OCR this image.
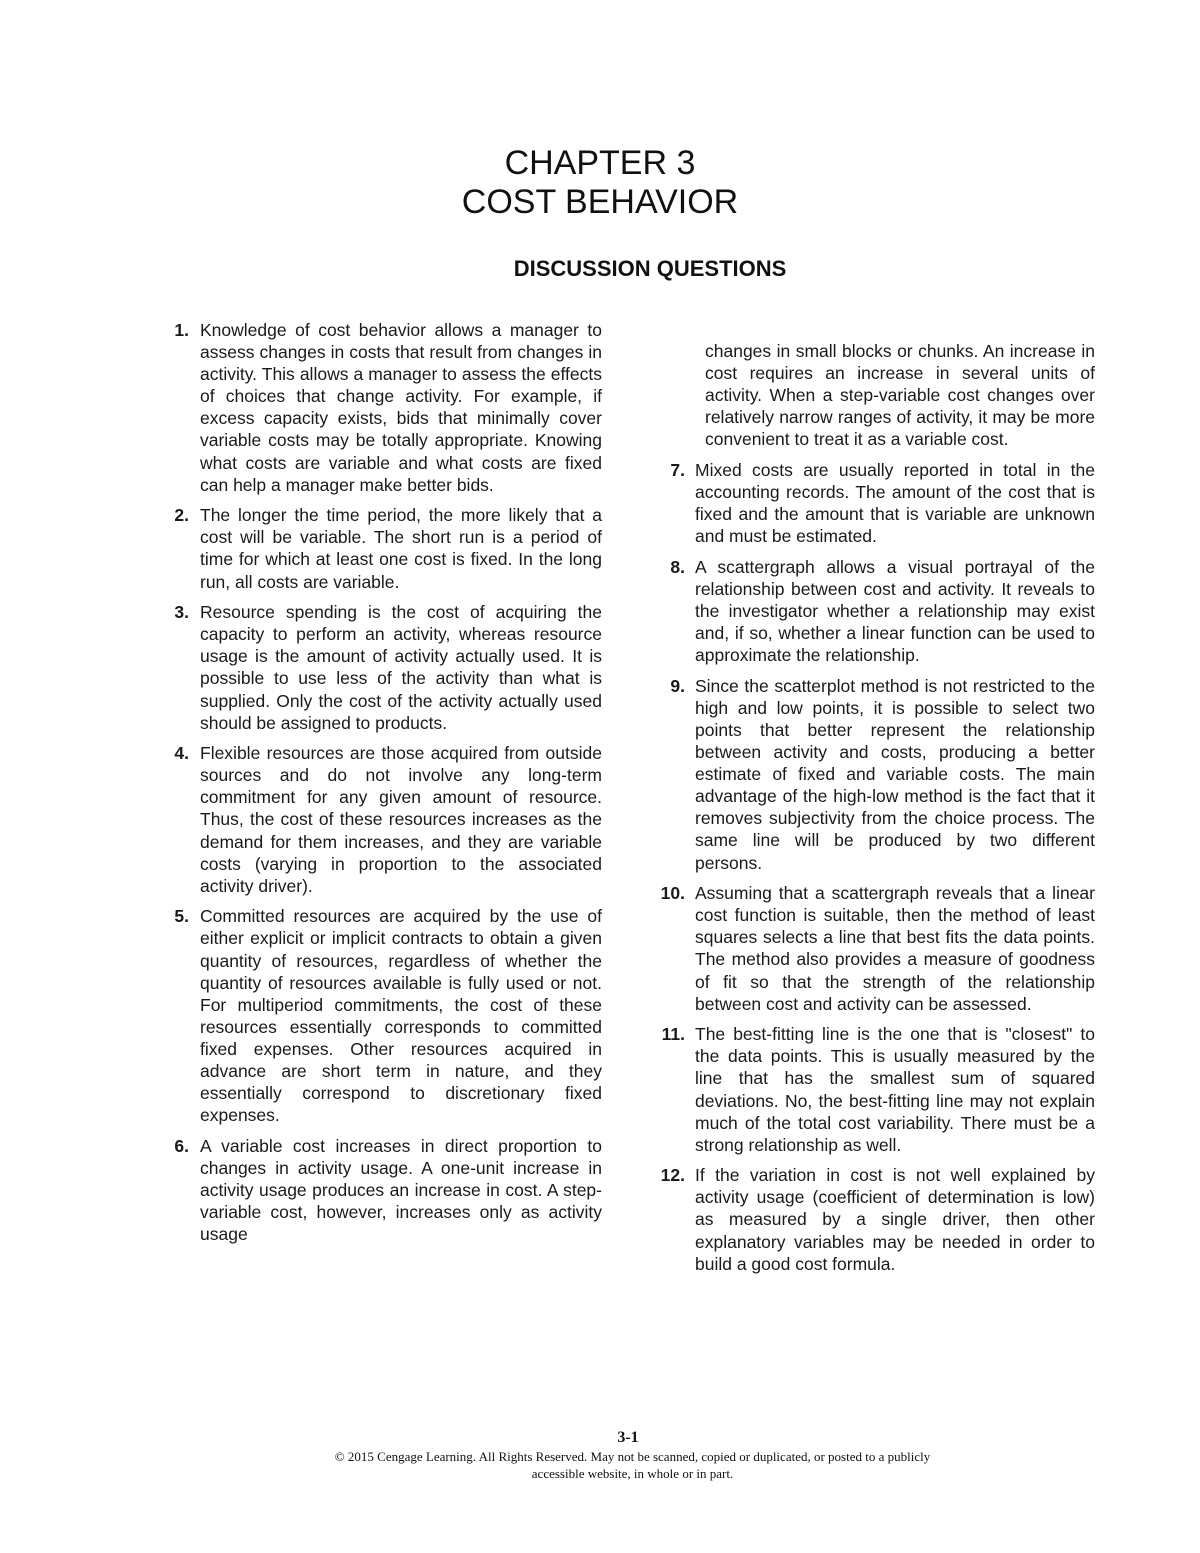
CHAPTER 3
COST BEHAVIOR
DISCUSSION QUESTIONS
1. Knowledge of cost behavior allows a manager to assess changes in costs that result from changes in activity. This allows a manager to assess the effects of choices that change activity. For example, if excess capacity exists, bids that minimally cover variable costs may be totally appropriate. Knowing what costs are variable and what costs are fixed can help a manager make better bids.
2. The longer the time period, the more likely that a cost will be variable. The short run is a period of time for which at least one cost is fixed. In the long run, all costs are variable.
3. Resource spending is the cost of acquiring the capacity to perform an activity, whereas resource usage is the amount of activity actually used. It is possible to use less of the activity than what is supplied. Only the cost of the activity actually used should be assigned to products.
4. Flexible resources are those acquired from outside sources and do not involve any long-term commitment for any given amount of resource. Thus, the cost of these resources increases as the demand for them increases, and they are variable costs (varying in proportion to the associated activity driver).
5. Committed resources are acquired by the use of either explicit or implicit contracts to obtain a given quantity of resources, regardless of whether the quantity of resources available is fully used or not. For multiperiod commitments, the cost of these resources essentially corresponds to committed fixed expenses. Other resources acquired in advance are short term in nature, and they essentially correspond to discretionary fixed expenses.
6. A variable cost increases in direct proportion to changes in activity usage. A one-unit increase in activity usage produces an increase in cost. A step-variable cost, however, increases only as activity usage
changes in small blocks or chunks. An increase in cost requires an increase in several units of activity. When a step-variable cost changes over relatively narrow ranges of activity, it may be more convenient to treat it as a variable cost.
7. Mixed costs are usually reported in total in the accounting records. The amount of the cost that is fixed and the amount that is variable are unknown and must be estimated.
8. A scattergraph allows a visual portrayal of the relationship between cost and activity. It reveals to the investigator whether a relationship may exist and, if so, whether a linear function can be used to approximate the relationship.
9. Since the scatterplot method is not restricted to the high and low points, it is possible to select two points that better represent the relationship between activity and costs, producing a better estimate of fixed and variable costs. The main advantage of the high-low method is the fact that it removes subjectivity from the choice process. The same line will be produced by two different persons.
10. Assuming that a scattergraph reveals that a linear cost function is suitable, then the method of least squares selects a line that best fits the data points. The method also provides a measure of goodness of fit so that the strength of the relationship between cost and activity can be assessed.
11. The best-fitting line is the one that is "closest" to the data points. This is usually measured by the line that has the smallest sum of squared deviations. No, the best-fitting line may not explain much of the total cost variability. There must be a strong relationship as well.
12. If the variation in cost is not well explained by activity usage (coefficient of determination is low) as measured by a single driver, then other explanatory variables may be needed in order to build a good cost formula.
3-1
© 2015 Cengage Learning. All Rights Reserved. May not be scanned, copied or duplicated, or posted to a publicly
accessible website, in whole or in part.
